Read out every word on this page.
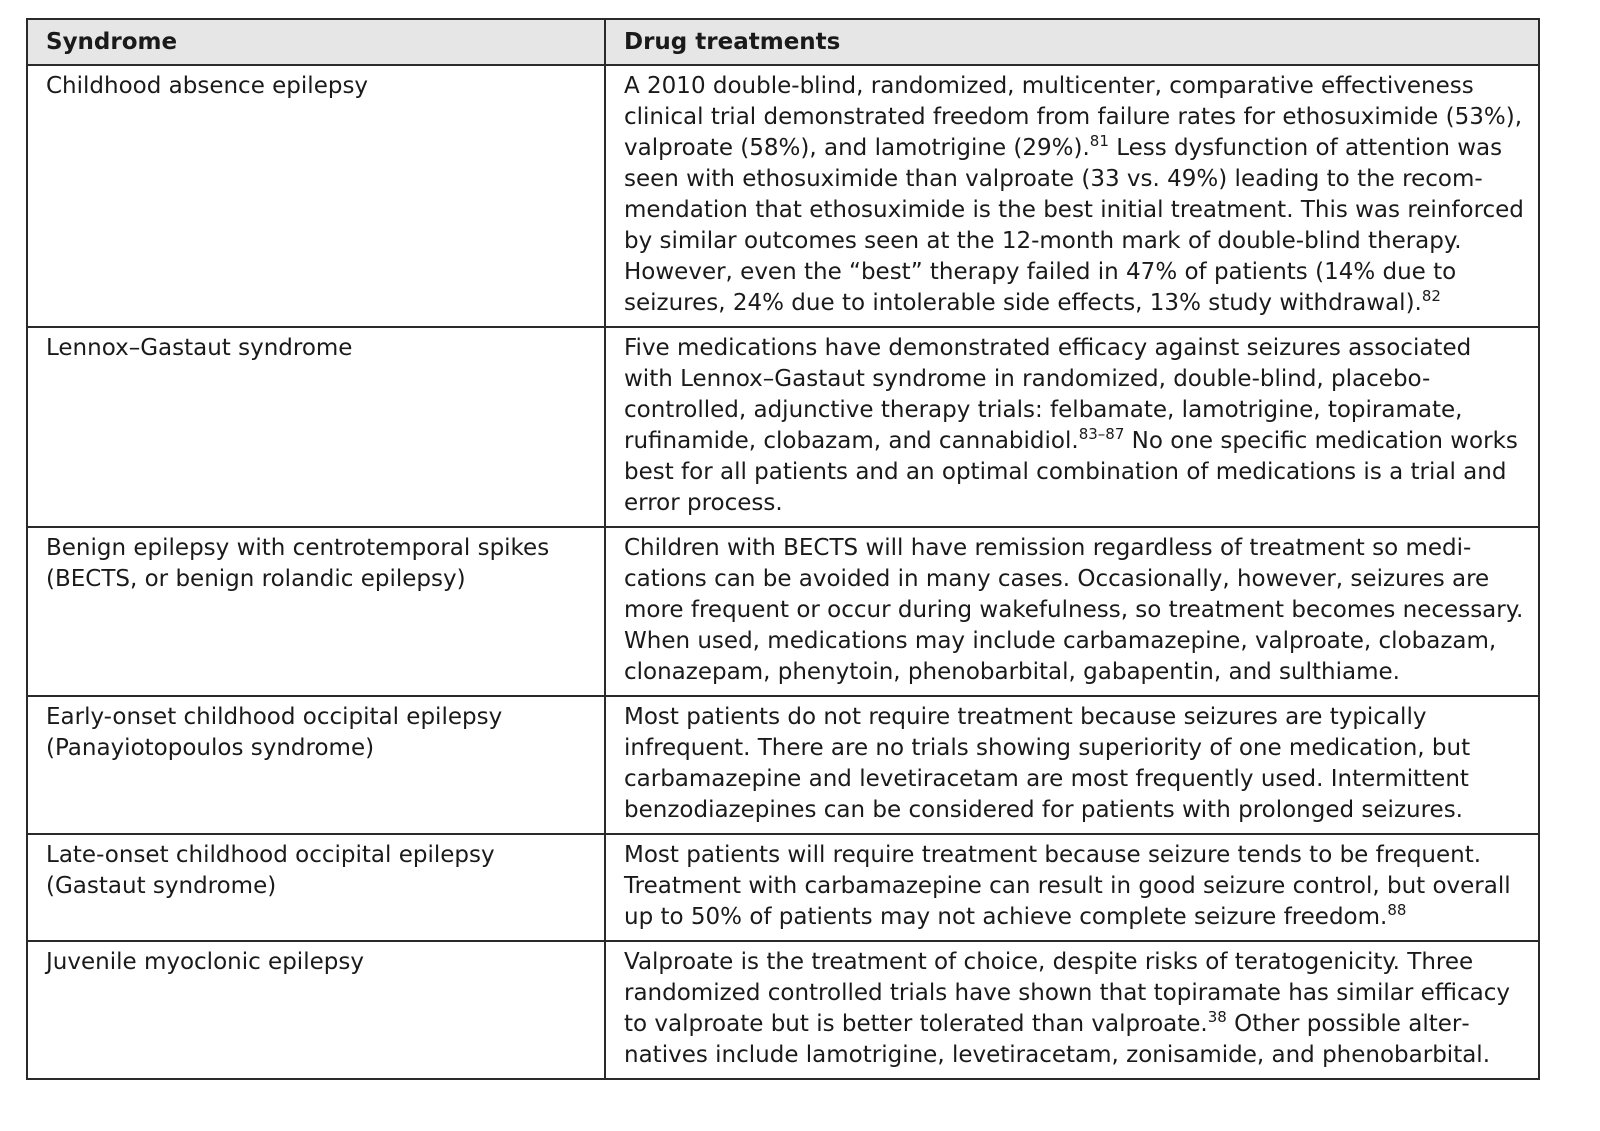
Syndrome	Drug treatments
Childhood absence epilepsy	A 2010 double-blind, randomized, multicenter, comparative effectiveness clinical trial demonstrated freedom from failure rates for ethosuximide (53%), valproate (58%), and lamotrigine (29%).$^{81}$ Less dysfunction of attention was seen with ethosuximide than valproate (33 vs. 49%) leading to the recommendation that ethosuximide is the best initial treatment. This was reinforced by similar outcomes seen at the 12-month mark of double-blind therapy. However, even the “best” therapy failed in 47% of patients (14% due to seizures, 24% due to intolerable side effects, 13% study withdrawal).$^{82}$
Lennox–Gastaut syndrome	Five medications have demonstrated efficacy against seizures associated with Lennox–Gastaut syndrome in randomized, double-blind, placebo-controlled, adjunctive therapy trials: felbamate, lamotrigine, topiramate, rufinamide, clobazam, and cannabidiol.$^{83-87}$ No one specific medication works best for all patients and an optimal combination of medications is a trial and error process.
Benign epilepsy with centrotemporal spikes (BECTS, or benign rolandic epilepsy)	Children with BECTS will have remission regardless of treatment so medications can be avoided in many cases. Occasionally, however, seizures are more frequent or occur during wakefulness, so treatment becomes necessary. When used, medications may include carbamazepine, valproate, clobazam, clonazepam, phenytoin, phenobarbital, gabapentin, and sulthiame.
Early-onset childhood occipital epilepsy (Panayiotopoulos syndrome)	Most patients do not require treatment because seizures are typically infrequent. There are no trials showing superiority of one medication, but carbamazepine and levetiracetam are most frequently used. Intermittent benzodiazepines can be considered for patients with prolonged seizures.
Late-onset childhood occipital epilepsy (Gastaut syndrome)	Most patients will require treatment because seizure tends to be frequent. Treatment with carbamazepine can result in good seizure control, but overall up to 50% of patients may not achieve complete seizure freedom.$^{88}$
Juvenile myoclonic epilepsy	Valproate is the treatment of choice, despite risks of teratogenicity. Three randomized controlled trials have shown that topiramate has similar efficacy to valproate but is better tolerated than valproate.$^{38}$ Other possible alternatives include lamotrigine, levetiracetam, zonisamide, and phenobarbital.
